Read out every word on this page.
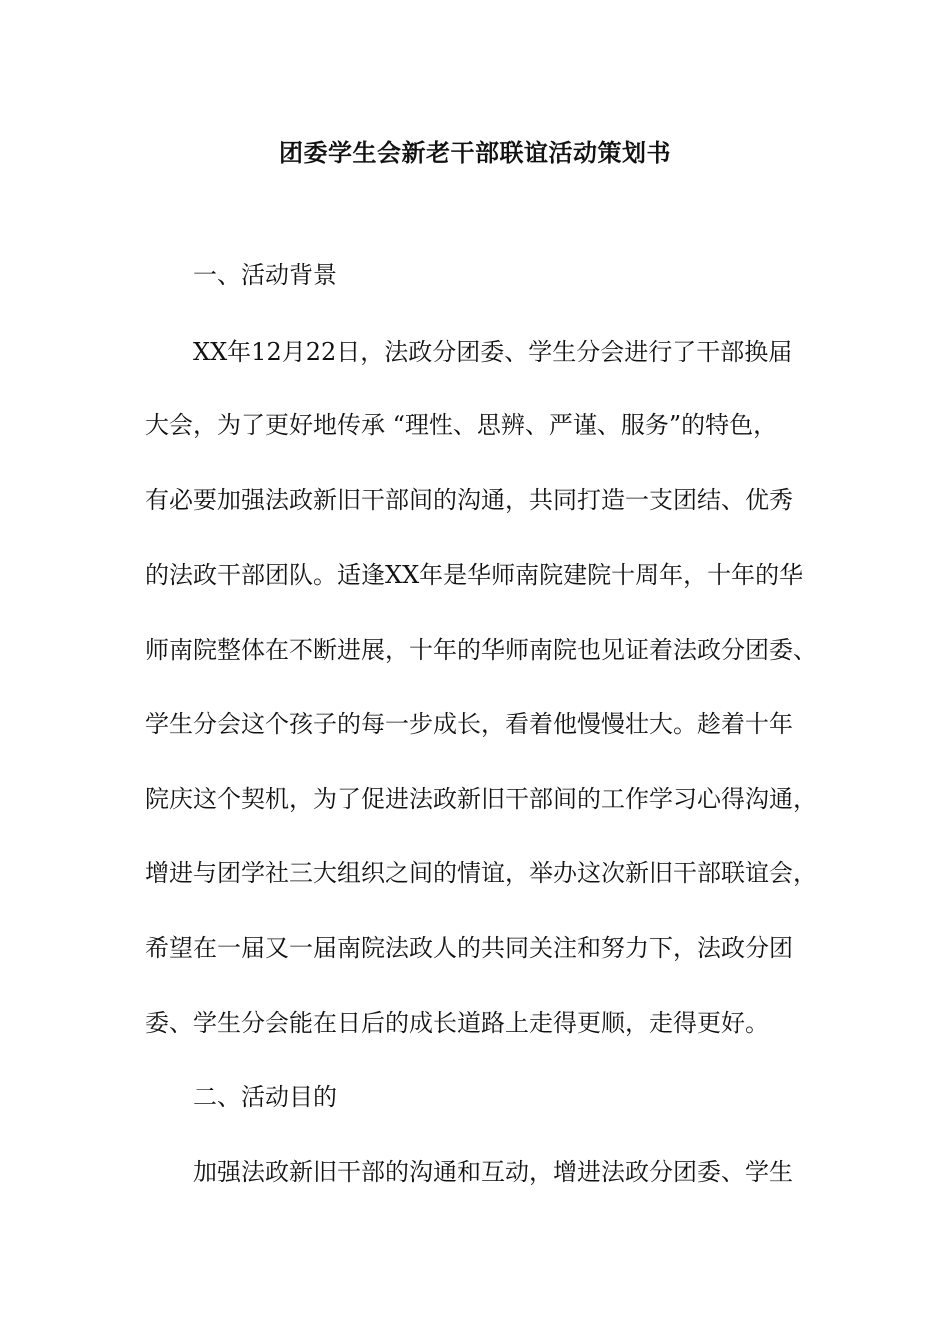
团委学生会新老干部联谊活动策划书

一、活动背景

XX年12月22日，法政分团委、学生分会进行了干部换届

大会，为了更好地传承 “理性、思辨、严谨、服务”的特色，

有必要加强法政新旧干部间的沟通，共同打造一支团结、优秀

的法政干部团队。适逢XX年是华师南院建院十周年，十年的华

师南院整体在不断进展，十年的华师南院也见证着法政分团委、

学生分会这个孩子的每一步成长，看着他慢慢壮大。趁着十年

院庆这个契机，为了促进法政新旧干部间的工作学习心得沟通，

增进与团学社三大组织之间的情谊，举办这次新旧干部联谊会，

希望在一届又一届南院法政人的共同关注和努力下，法政分团

委、学生分会能在日后的成长道路上走得更顺，走得更好。

二、活动目的

加强法政新旧干部的沟通和互动，增进法政分团委、学生
